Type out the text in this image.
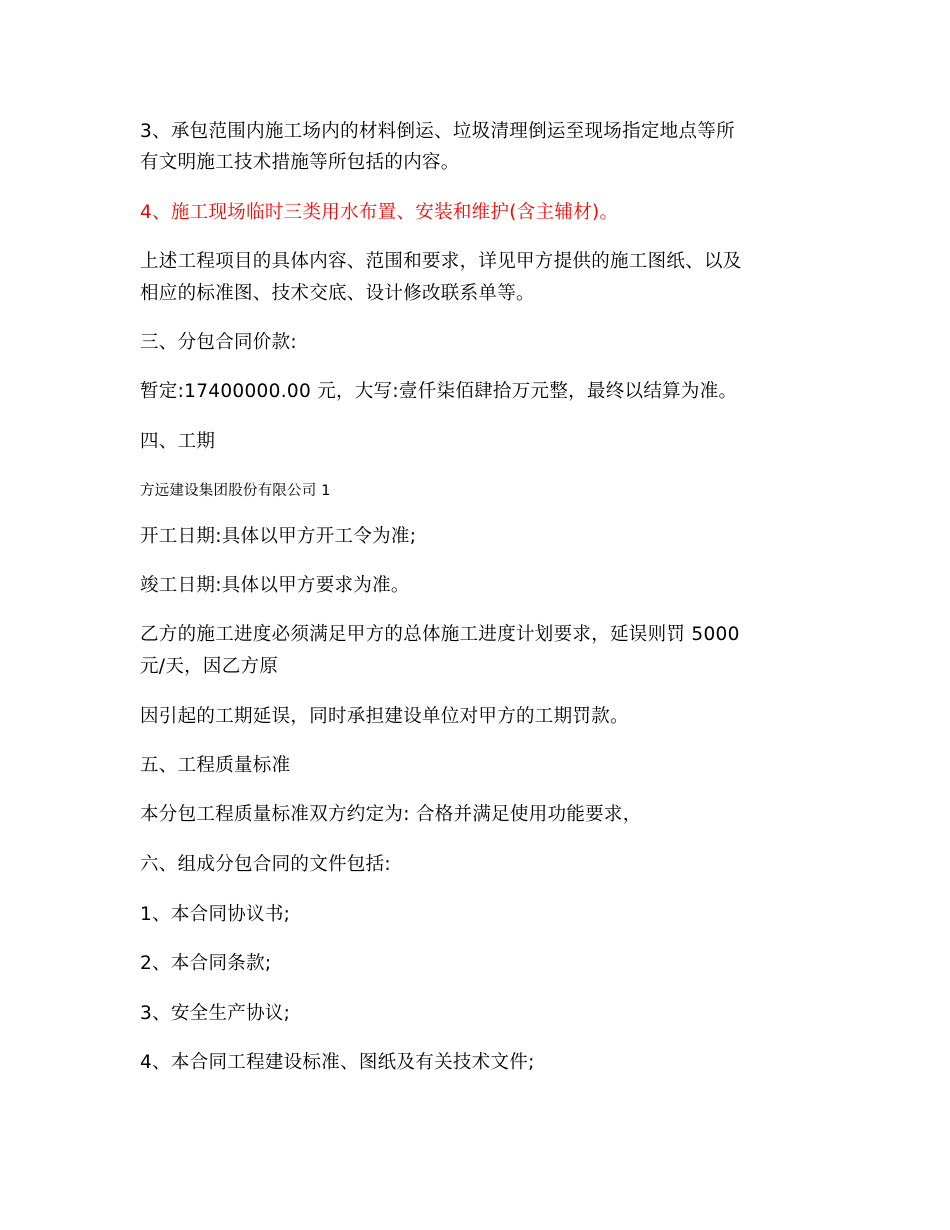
3、承包范围内施工场内的材料倒运、垃圾清理倒运至现场指定地点等所
有文明施工技术措施等所包括的内容。
4、施工现场临时三类用水布置、安装和维护(含主辅材)。
上述工程项目的具体内容、范围和要求，详见甲方提供的施工图纸、以及
相应的标准图、技术交底、设计修改联系单等。
三、分包合同价款:
暂定:17400000.00 元，大写:壹仟柒佰肆拾万元整，最终以结算为准。
四、工期
方远建设集团股份有限公司 1
开工日期:具体以甲方开工令为准;
竣工日期:具体以甲方要求为准。
乙方的施工进度必须满足甲方的总体施工进度计划要求，延误则罚 5000
元/天，因乙方原
因引起的工期延误，同时承担建设单位对甲方的工期罚款。
五、工程质量标准
本分包工程质量标准双方约定为: 合格并满足使用功能要求，
六、组成分包合同的文件包括:
1、本合同协议书;
2、本合同条款;
3、安全生产协议;
4、本合同工程建设标准、图纸及有关技术文件;
